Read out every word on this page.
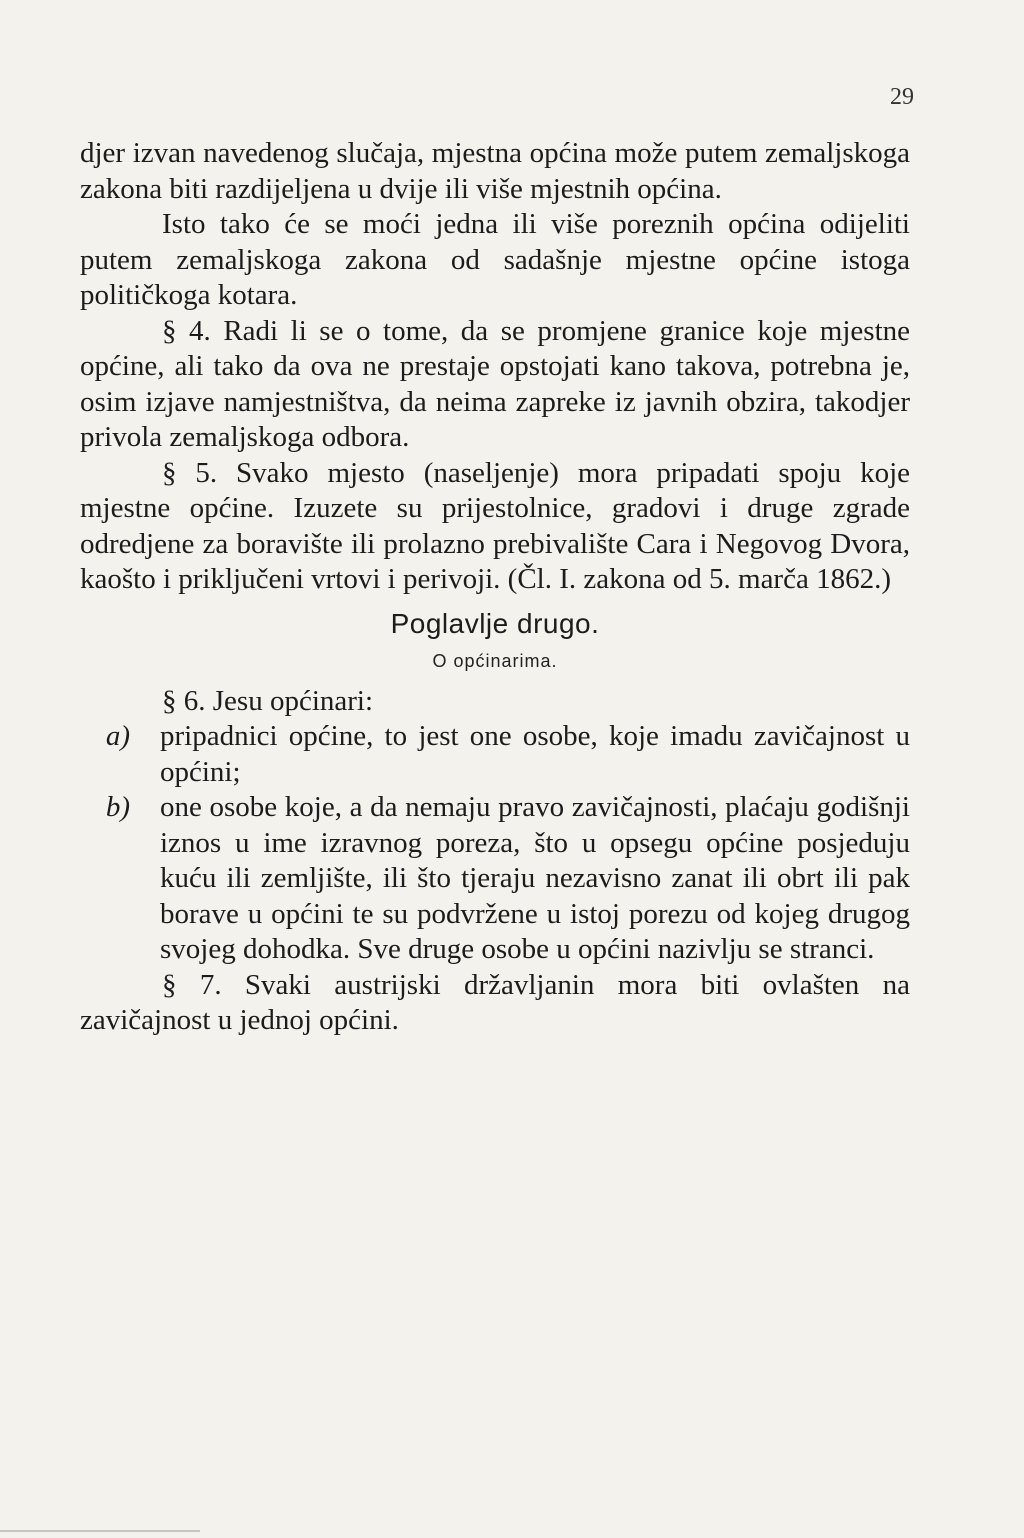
29

djer izvan navedenog slučaja, mjestna općina može putem zemaljskoga zakona biti razdijeljena u dvije ili više mjestnih općina.

Isto tako će se moći jedna ili više poreznih općina odijeliti putem zemaljskoga zakona od sadašnje mjestne općine istoga političkoga kotara.

§ 4. Radi li se o tome, da se promjene granice koje mjestne općine, ali tako da ova ne prestaje opstojati kano takova, potrebna je, osim izjave namjestništva, da neima zapreke iz javnih obzira, takodjer privola zemaljskoga odbora.

§ 5. Svako mjesto (naseljenje) mora pripadati spoju koje mjestne općine. Izuzete su prijestolnice, gradovi i druge zgrade odredjene za boravište ili prolazno prebivalište Cara i Negovog Dvora, kaošto i priključeni vrtovi i perivoji. (Čl. I. zakona od 5. marča 1862.)

Poglavlje drugo.
O općinarima.

§ 6. Jesu općinari:

a)	pripadnici općine, to jest one osobe, koje imadu zavičajnost u općini;
b)	one osobe koje, a da nemaju pravo zavičajnosti, plaćaju godišnji iznos u ime izravnog poreza, što u opsegu općine posjeduju kuću ili zemljište, ili što tjeraju nezavisno zanat ili obrt ili pak borave u općini te su podvržene u istoj porezu od kojeg drugog svojeg dohodka. Sve druge osobe u općini nazivlju se stranci.

§ 7. Svaki austrijski državljanin mora biti ovlašten na zavičajnost u jednoj općini.
